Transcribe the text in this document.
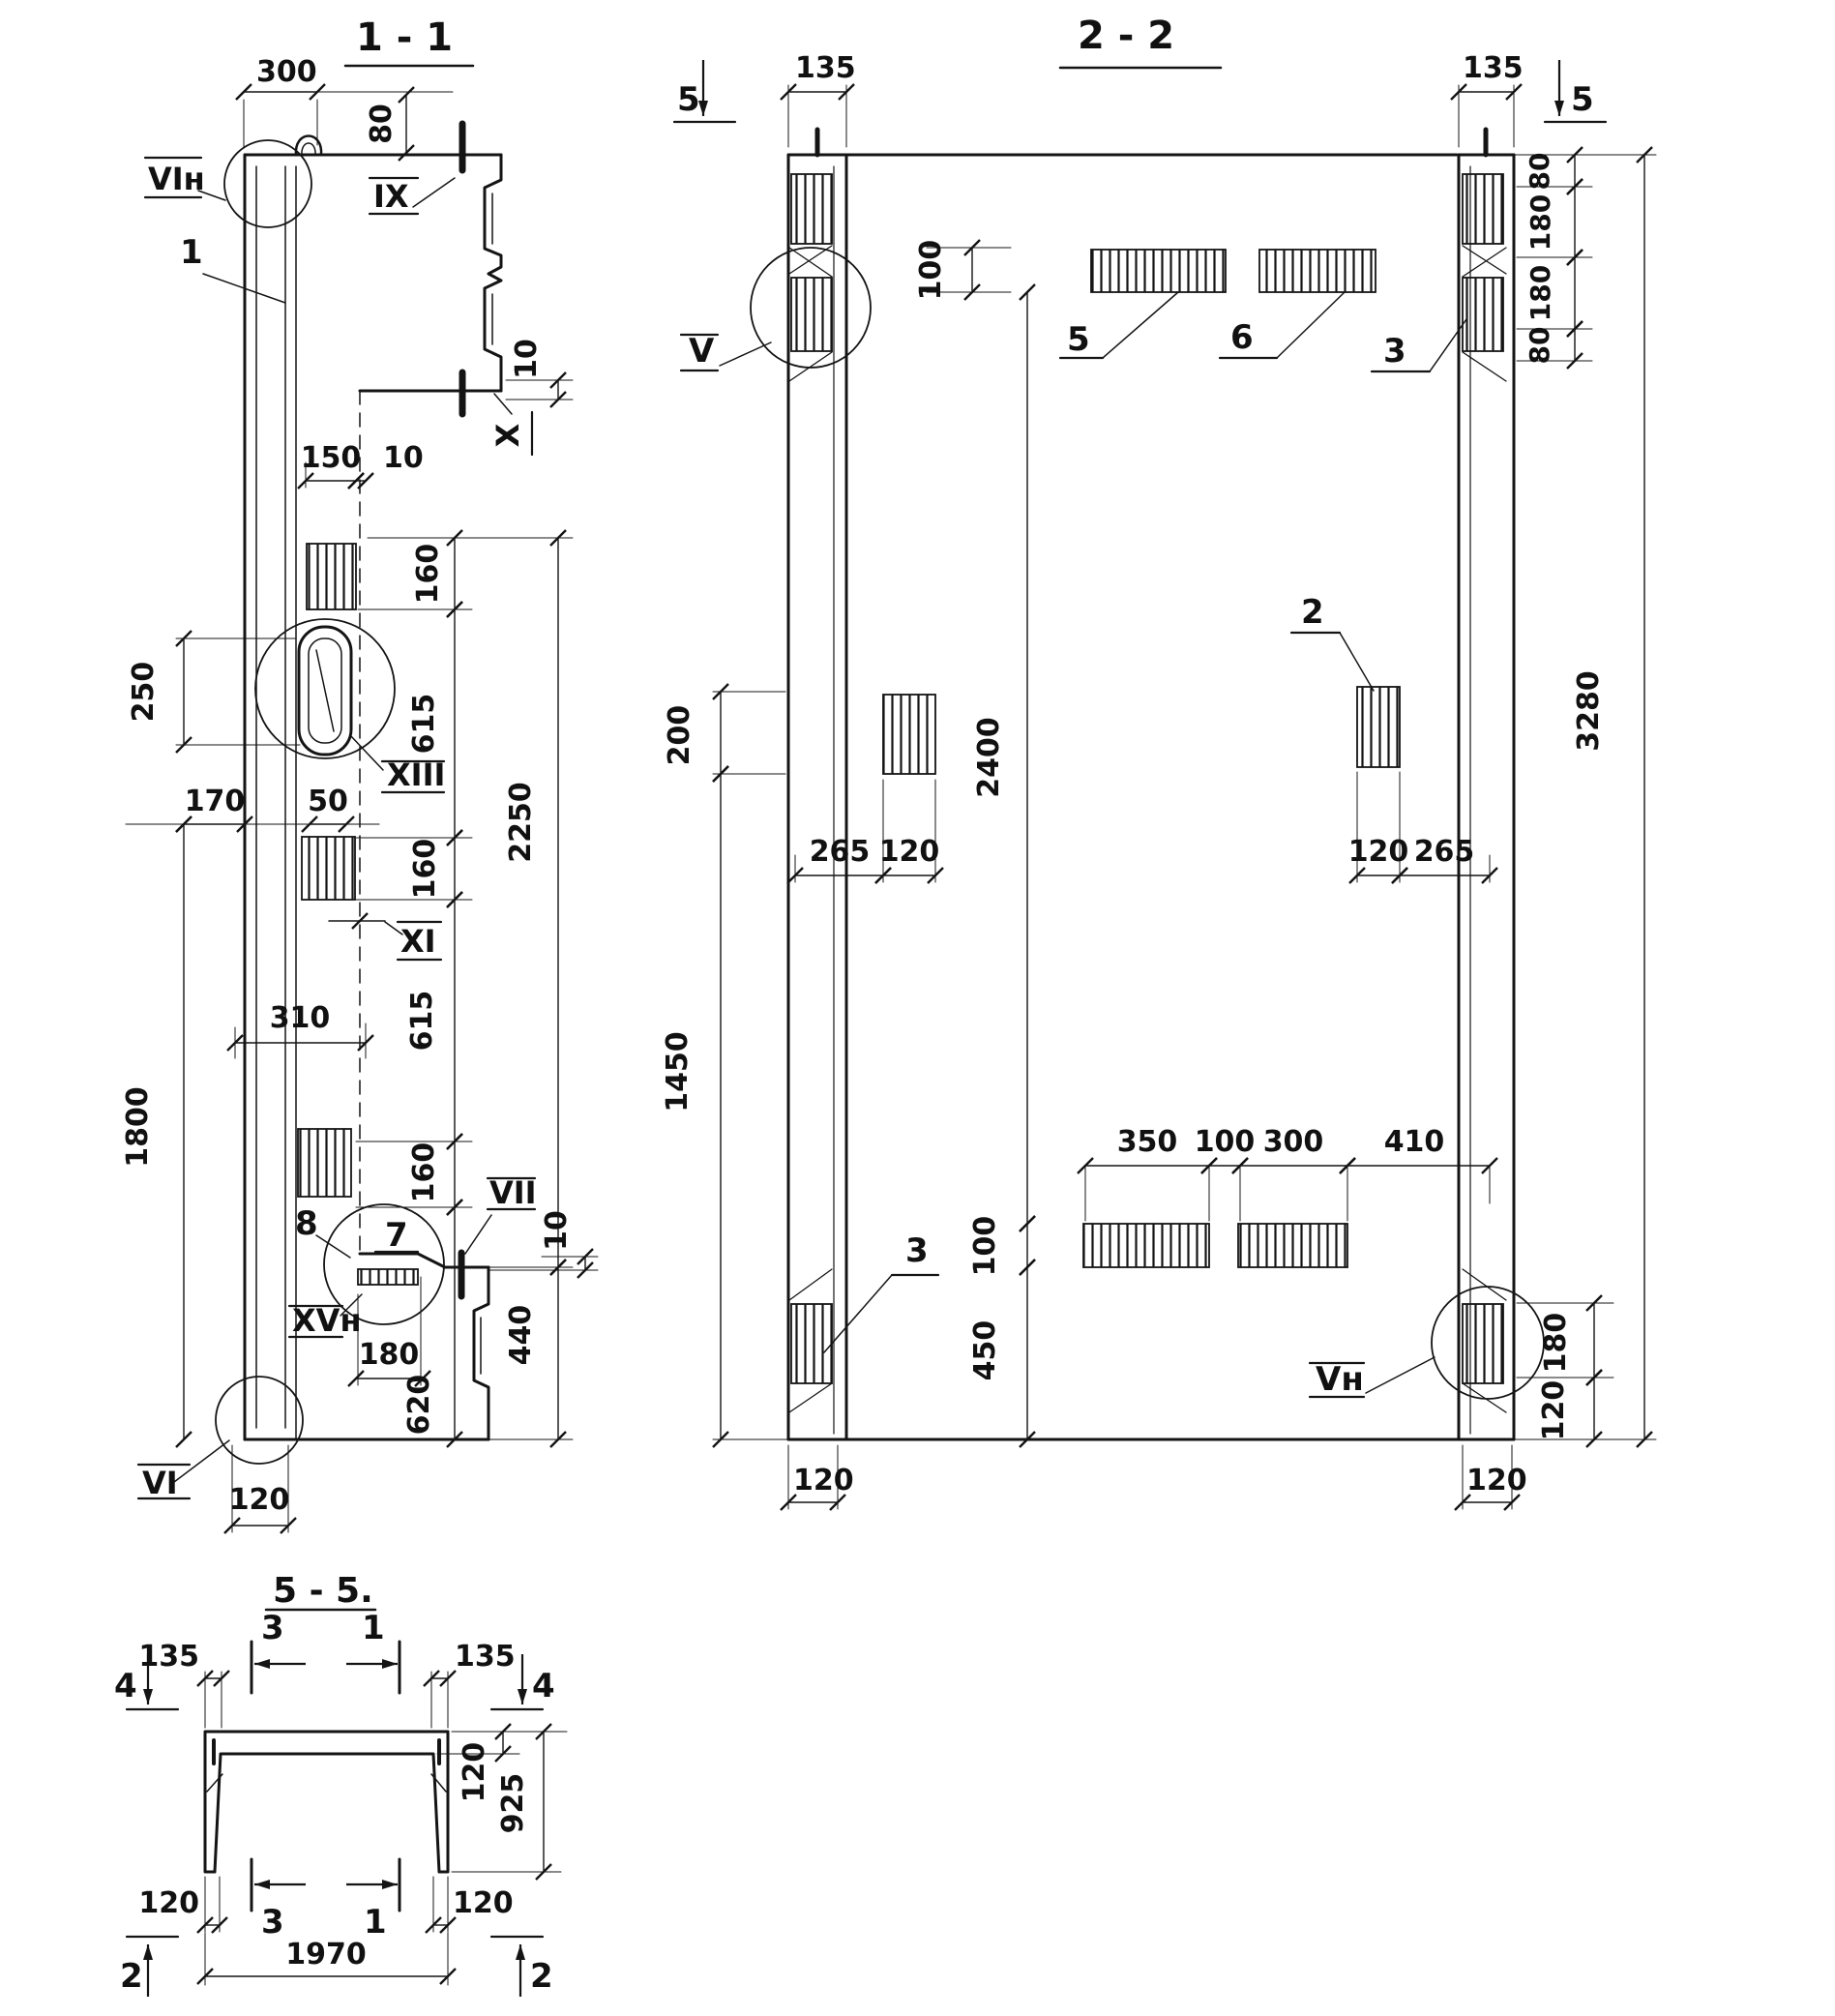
1 - 1
300
80
10
150 10
160
615
160
615
160
2250
250
170 50
310
1800
180
620
440
10
120
VIн	IX
1
X
XIII
XI
VII
XVн
VI
7
8
2 - 2
135	135
5	5
80
180
180
80
3280
100
2400
200
1450
5	6	3
V
2
265 120	120 265
3 100
450
350 100 300 410
Vн
180
120
120	120
5 - 5.
4	4
135	135
3 1
120
925
120	120
3 1
1970
2	2
